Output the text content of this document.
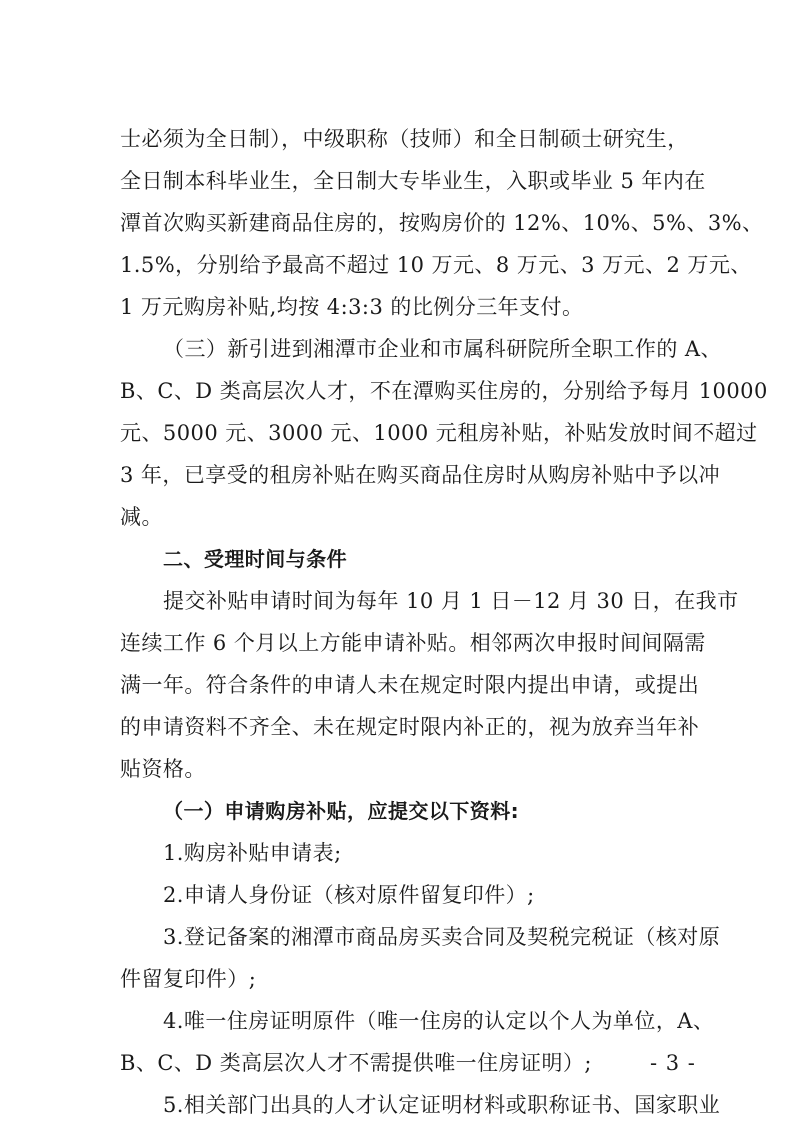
士必须为全日制），中级职称（技师）和全日制硕士研究生，
全日制本科毕业生，全日制大专毕业生，入职或毕业 5 年内在
潭首次购买新建商品住房的，按购房价的 12%、10%、5%、3%、
1.5%，分别给予最高不超过 10 万元、8 万元、3 万元、2 万元、
1 万元购房补贴,均按 4:3:3 的比例分三年支付。
（三）新引进到湘潭市企业和市属科研院所全职工作的 A、
B、C、D 类高层次人才，不在潭购买住房的，分别给予每月 10000
元、5000 元、3000 元、1000 元租房补贴，补贴发放时间不超过
3 年，已享受的租房补贴在购买商品住房时从购房补贴中予以冲
减。
二、受理时间与条件
提交补贴申请时间为每年 10 月 1 日－12 月 30 日，在我市
连续工作 6 个月以上方能申请补贴。相邻两次申报时间间隔需
满一年。符合条件的申请人未在规定时限内提出申请，或提出
的申请资料不齐全、未在规定时限内补正的，视为放弃当年补
贴资格。
（一）申请购房补贴，应提交以下资料:
1.购房补贴申请表;
2.申请人身份证（核对原件留复印件）;
3.登记备案的湘潭市商品房买卖合同及契税完税证（核对原
件留复印件）;
4.唯一住房证明原件（唯一住房的认定以个人为单位，A、
B、C、D 类高层次人才不需提供唯一住房证明）;
5.相关部门出具的人才认定证明材料或职称证书、国家职业
- 3 -
